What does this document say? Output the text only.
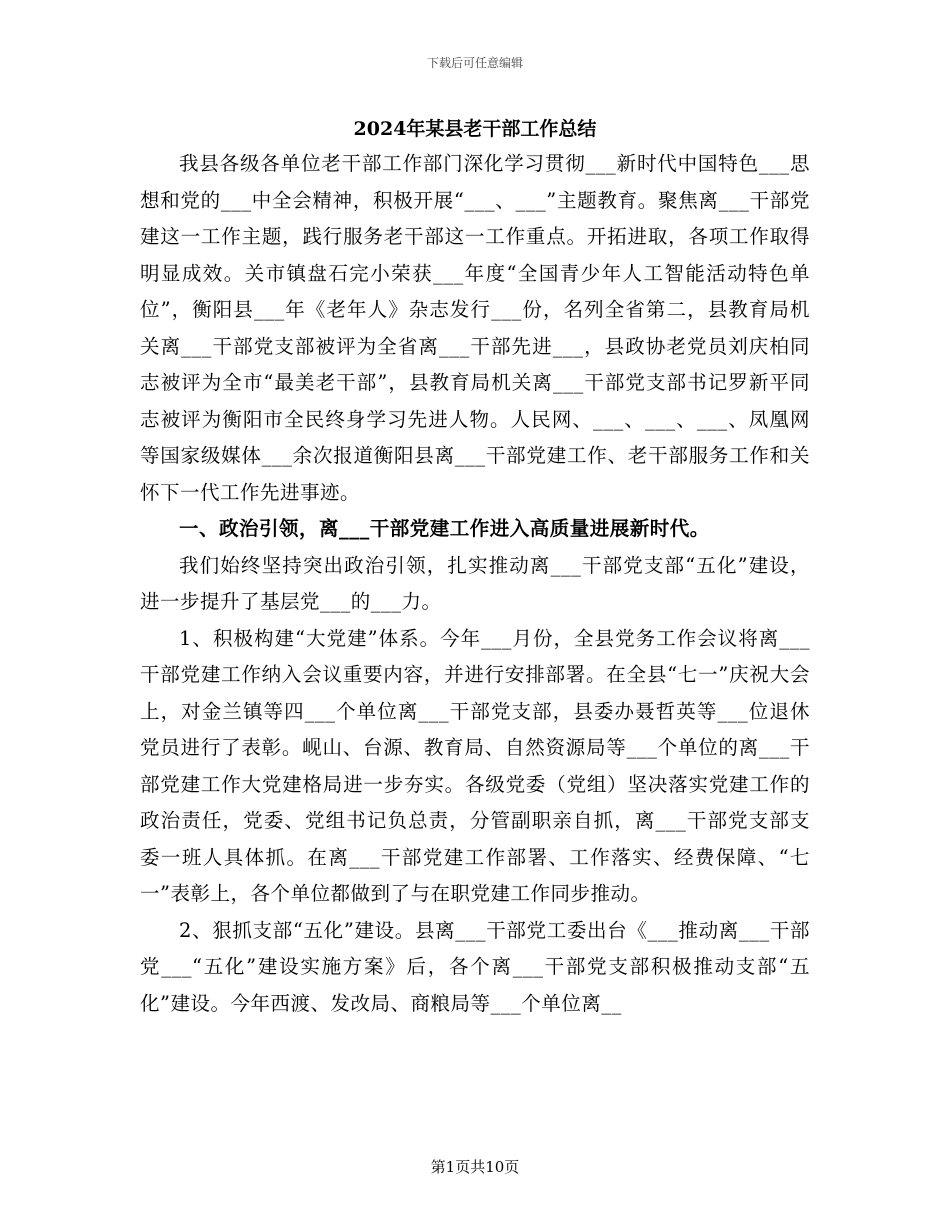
下载后可任意编辑
2024年某县老干部工作总结

我县各级各单位老干部工作部门深化学习贯彻___新时代中国特色___思想和党的___中全会精神，积极开展“___、___”主题教育。聚焦离___干部党建这一工作主题，践行服务老干部这一工作重点。开拓进取，各项工作取得明显成效。关市镇盘石完小荣获___年度“全国青少年人工智能活动特色单位”，衡阳县___年《老年人》杂志发行___份，名列全省第二，县教育局机关离___干部党支部被评为全省离___干部先进___，县政协老党员刘庆柏同志被评为全市“最美老干部”，县教育局机关离___干部党支部书记罗新平同志被评为衡阳市全民终身学习先进人物。人民网、___、___、___、凤凰网等国家级媒体___余次报道衡阳县离___干部党建工作、老干部服务工作和关怀下一代工作先进事迹。

一、政治引领，离___干部党建工作进入高质量进展新时代。

我们始终坚持突出政治引领，扎实推动离___干部党支部“五化”建设，进一步提升了基层党___的___力。

1、积极构建“大党建”体系。今年___月份，全县党务工作会议将离___干部党建工作纳入会议重要内容，并进行安排部署。在全县“七一”庆祝大会上，对金兰镇等四___个单位离___干部党支部，县委办聂哲英等___位退休党员进行了表彰。岘山、台源、教育局、自然资源局等___个单位的离___干部党建工作大党建格局进一步夯实。各级党委（党组）坚决落实党建工作的政治责任，党委、党组书记负总责，分管副职亲自抓，离___干部党支部支委一班人具体抓。在离___干部党建工作部署、工作落实、经费保障、“七一”表彰上，各个单位都做到了与在职党建工作同步推动。

2、狠抓支部“五化”建设。县离___干部党工委出台《___推动离___干部党___“五化”建设实施方案》后，各个离___干部党支部积极推动支部“五化”建设。今年西渡、发改局、商粮局等___个单位离__

第1页共10页
